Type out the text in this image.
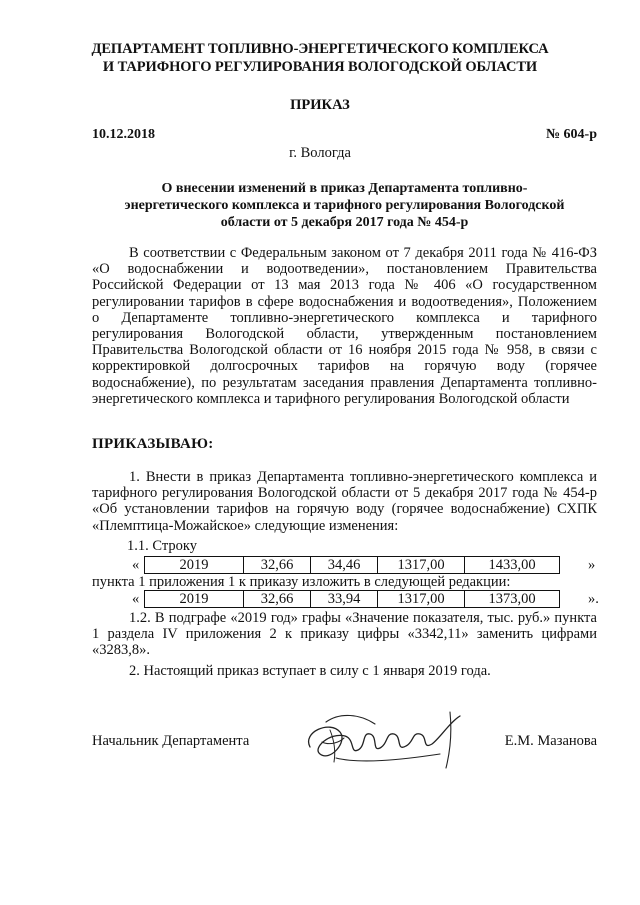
ДЕПАРТАМЕНТ ТОПЛИВНО-ЭНЕРГЕТИЧЕСКОГО КОМПЛЕКСА
И ТАРИФНОГО РЕГУЛИРОВАНИЯ ВОЛОГОДСКОЙ ОБЛАСТИ
ПРИКАЗ
10.12.2018	№ 604-р
г. Вологда
О внесении изменений в приказ Департамента топливно-
энергетического комплекса и тарифного регулирования Вологодской
области от 5 декабря 2017 года № 454-р

В соответствии с Федеральным законом от 7 декабря 2011 года № 416-ФЗ «О водоснабжении и водоотведении», постановлением Правительства Российской Федерации от 13 мая 2013 года № 406 «О государственном регулировании тарифов в сфере водоснабжения и водоотведения», Положением о Департаменте топливно-энергетического комплекса и тарифного регулирования Вологодской области, утвержденным постановлением Правительства Вологодской области от 16 ноября 2015 года № 958, в связи с корректировкой долгосрочных тарифов на горячую воду (горячее водоснабжение), по результатам заседания правления Департамента топливно-энергетического комплекса и тарифного регулирования Вологодской области

ПРИКАЗЫВАЮ:

1. Внести в приказ Департамента топливно-энергетического комплекса и тарифного регулирования Вологодской области от 5 декабря 2017 года № 454-р «Об установлении тарифов на горячую воду (горячее водоснабжение) СХПК «Племптица-Можайское» следующие изменения:

1.1. Строку
«	2019	32,66	34,46	1317,00	1433,00	»
пункта 1 приложения 1 к приказу изложить в следующей редакции:
«	2019	32,66	33,94	1317,00	1373,00	».

1.2. В подграфе «2019 год» графы «Значение показателя, тыс. руб.» пункта 1 раздела IV приложения 2 к приказу цифры «3342,11» заменить цифрами «3283,8».

2. Настоящий приказ вступает в силу с 1 января 2019 года.

Начальник Департамента	Е.М. Мазанова
